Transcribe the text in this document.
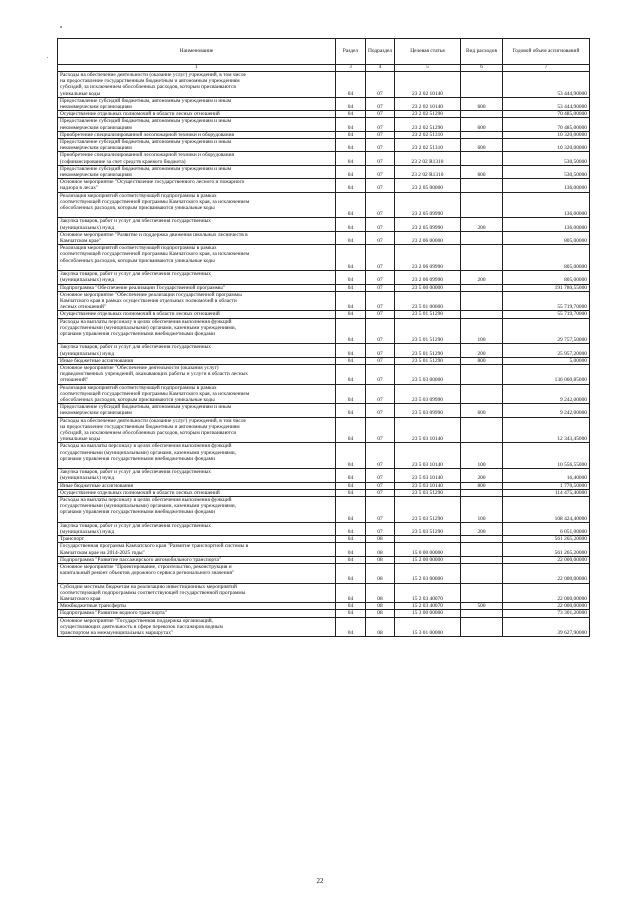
Наименование	Раздел	Подраздел	Целевая статья	Вид расходов	Годовой объем ассигнований
1	3	4	5	6	7

Расходы на обеспечение деятельности (оказание услуг) учреждений, в том числе
на предоставление государственным бюджетным и автономным учреждениям
субсидий, за исключением обособленных расходов, которым присваиваются
уникальные коды	04	07	23 2 02 10140		53 444,90000

Предоставление субсидий бюджетным, автономным учреждениям и иным
некоммерческим организациям	04	07	23 2 02 10140	600	53 444,90000

Осуществление отдельных полномочий в области лесных отношений	04	07	23 2 02 51290		70 485,00000

Предоставление субсидий бюджетным, автономным учреждениям и иным
некоммерческим организациям	04	07	23 2 02 51290	600	70 485,00000

Приобретение специализированной лесопожарной техники и оборудования	04	07	23 2 02 51310		10 320,00000

Предоставление субсидий бюджетным, автономным учреждениям и иным
некоммерческим организациям	04	07	23 2 02 51310	600	10 320,00000

Приобретение специализированной лесопожарной техники и оборудования
(софинансирование за счет средств краевого бюджета)	04	07	23 2 02 R1310		530,50000

Предоставление субсидий бюджетным, автономным учреждениям и иным
некоммерческим организациям	04	07	23 2 02 R1310	600	530,50000

Основное мероприятие "Осуществление государственного лесного и пожарного
надзора в лесах"	04	07	23 2 05 00000		136,00000

Реализация мероприятий соответствующей подпрограммы в рамках
соответствующей государственной программы Камчатского края, за исключением
обособленных расходов, которым присваиваются уникальные коды	04	07	23 2 05 09990		136,00000

Закупка товаров, работ и услуг для обеспечения государственных
(муниципальных) нужд	04	07	23 2 05 09990	200	136,00000

Основное мероприятие "Развитие и поддержка движения школьных лесничеств в
Камчатском крае"	04	07	23 2 06 00000		805,00000

Реализация мероприятий соответствующей подпрограммы в рамках
соответствующей государственной программы Камчатского края, за исключением
обособленных расходов, которым присваиваются уникальные коды	04	07	23 2 06 09990		805,00000

Закупка товаров, работ и услуг для обеспечения государственных
(муниципальных) нужд	04	07	23 2 06 09990	200	805,00000

Подпрограмма "Обеспечение реализации Государственной программы"	04	07	23 5 00 00000		191 780,55000

Основное мероприятие "Обеспечение реализации государственной программы
Камчатского края в рамках осуществления отдельных полномочий в области
лесных отношений"	04	07	23 5 01 00000		55 719,70000

Осуществление отдельных полномочий в области лесных отношений	04	07	23 5 01 51290		55 719,70000

Расходы на выплаты персоналу в целях обеспечения выполнения функций
государственными (муниципальными) органами, казенными учреждениями,
органами управления государственными внебюджетными фондами	04	07	23 5 01 51290	100	29 757,50000

Закупка товаров, работ и услуг для обеспечения государственных
(муниципальных) нужд	04	07	23 5 01 51290	200	25 957,20000

Иные бюджетные ассигнования	04	07	23 5 01 51290	800	5,00000

Основное мероприятие "Обеспечение деятельности (оказания услуг)
подведомственных учреждений, оказывающих работы и услуги в области лесных
отношений"	04	07	23 5 03 00000		136 060,85000

Реализация мероприятий соответствующей подпрограммы в рамках
соответствующей государственной программы Камчатского края, за исключением
обособленных расходов, которым присваиваются уникальные коды	04	07	23 5 03 09990		9 242,00000

Предоставление субсидий бюджетным, автономным учреждениям и иным
некоммерческим организациям	04	07	23 5 03 09990	600	9 242,00000

Расходы на обеспечение деятельности (оказание услуг) учреждений, в том числе
на предоставление государственным бюджетным и автономным учреждениям
субсидий, за исключением обособленных расходов, которым присваиваются
уникальные коды	04	07	23 5 03 10140		12 343,45000

Расходы на выплаты персоналу в целях обеспечения выполнения функций
государственными (муниципальными) органами, казенными учреждениями,
органами управления государственными внебюджетными фондами	04	07	23 5 03 10140	100	10 556,55000

Закупка товаров, работ и услуг для обеспечения государственных
(муниципальных) нужд	04	07	23 5 03 10140	200	16,40000

Иные бюджетные ассигнования	04	07	23 5 03 10140	800	1 770,50000

Осуществление отдельных полномочий в области лесных отношений	04	07	23 5 03 51290		114 475,40000

Расходы на выплаты персоналу в целях обеспечения выполнения функций
государственными (муниципальными) органами, казенными учреждениями,
органами управления государственными внебюджетными фондами	04	07	23 5 03 51290	100	108 424,40000

Закупка товаров, работ и услуг для обеспечения государственных
(муниципальных) нужд	04	07	23 5 03 51290	200	6 051,00000

Транспорт	04	08			561 265,20000

Государственная программа Камчатского края "Развитие транспортной системы в
Камчатском крае на 2014-2025 годы"	04	08	15 0 00 00000		561 265,20000

Подпрограмма "Развитие пассажирского автомобильного транспорта"	04	08	15 2 00 00000		22 000,00000

Основное мероприятие "Проектирование, строительство, реконструкция и
капитальный ремонт объектов дорожного сервиса регионального значения"	04	08	15 2 03 00000		22 000,00000

Субсидии местным бюджетам на реализацию инвестиционных мероприятий
соответствующей подпрограммы соответствующей государственной программы
Камчатского края	04	08	15 2 03 40070		22 000,00000

Межбюджетные трансферты	04	08	15 2 03 40070	500	22 000,00000

Подпрограмма "Развитие водного транспорта"	04	08	15 3 00 00000		73 301,20000

Основное мероприятие "Государственная поддержка организаций,
осуществляющих деятельность в сфере перевозок пассажиров водным
транспортом на межмуниципальных маршрутах"	04	08	15 3 01 00000		39 627,90000
22
